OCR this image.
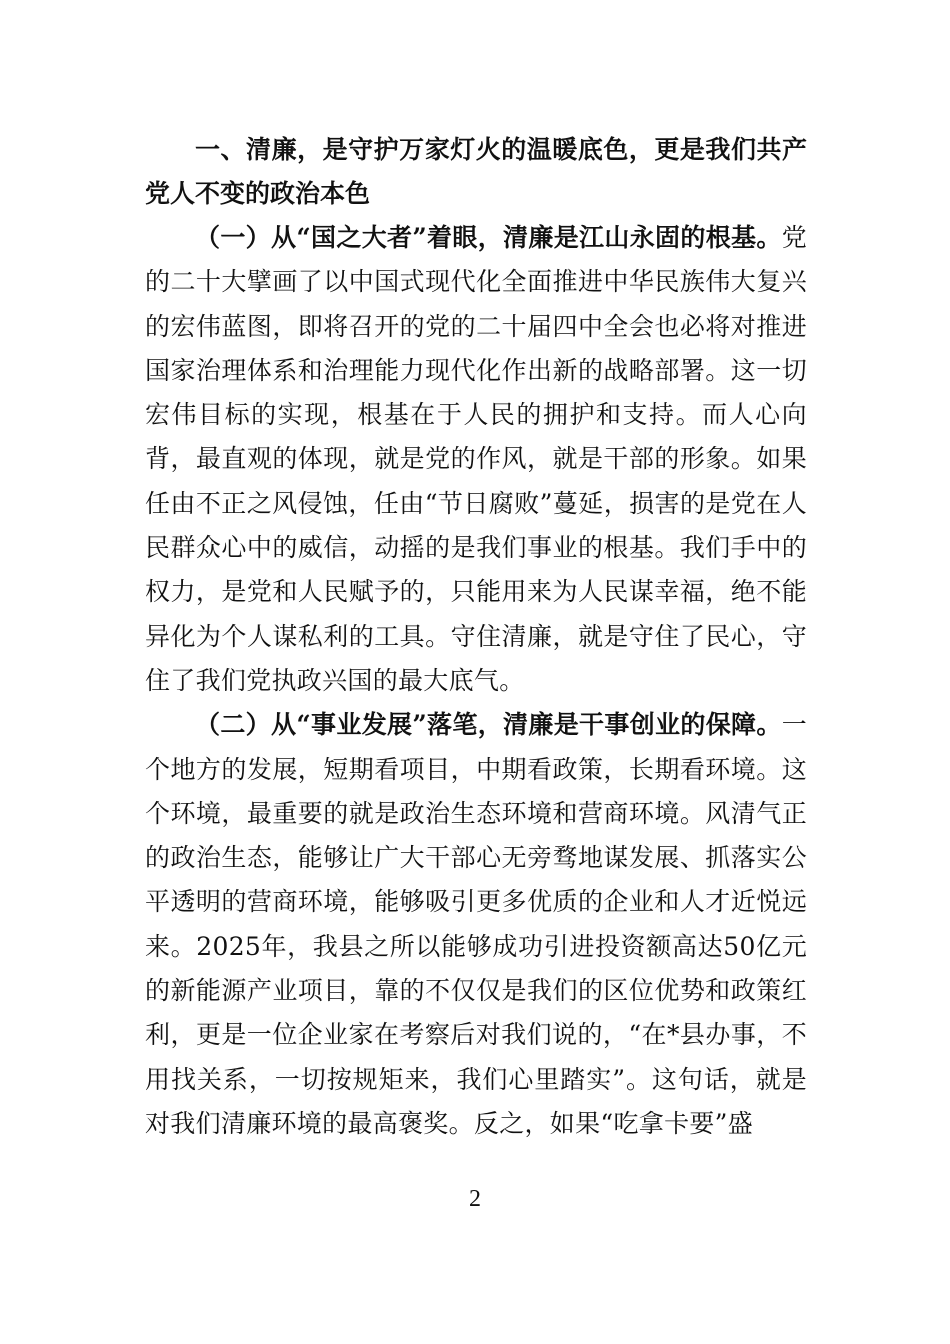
一、清廉，是守护万家灯火的温暖底色，更是我们共产党人不变的政治本色

（一）从“国之大者”着眼，清廉是江山永固的根基。党的二十大擘画了以中国式现代化全面推进中华民族伟大复兴的宏伟蓝图，即将召开的党的二十届四中全会也必将对推进国家治理体系和治理能力现代化作出新的战略部署。这一切宏伟目标的实现，根基在于人民的拥护和支持。而人心向背，最直观的体现，就是党的作风，就是干部的形象。如果任由不正之风侵蚀，任由“节日腐败”蔓延，损害的是党在人民群众心中的威信，动摇的是我们事业的根基。我们手中的权力，是党和人民赋予的，只能用来为人民谋幸福，绝不能异化为个人谋私利的工具。守住清廉，就是守住了民心，守住了我们党执政兴国的最大底气。

（二）从“事业发展”落笔，清廉是干事创业的保障。一个地方的发展，短期看项目，中期看政策，长期看环境。这个环境，最重要的就是政治生态环境和营商环境。风清气正的政治生态，能够让广大干部心无旁骛地谋发展、抓落实公平透明的营商环境，能够吸引更多优质的企业和人才近悦远来。2025年，我县之所以能够成功引进投资额高达50亿元的新能源产业项目，靠的不仅仅是我们的区位优势和政策红利，更是一位企业家在考察后对我们说的，“在*县办事，不用找关系，一切按规矩来，我们心里踏实”。这句话，就是对我们清廉环境的最高褒奖。反之，如果“吃拿卡要”盛

2
